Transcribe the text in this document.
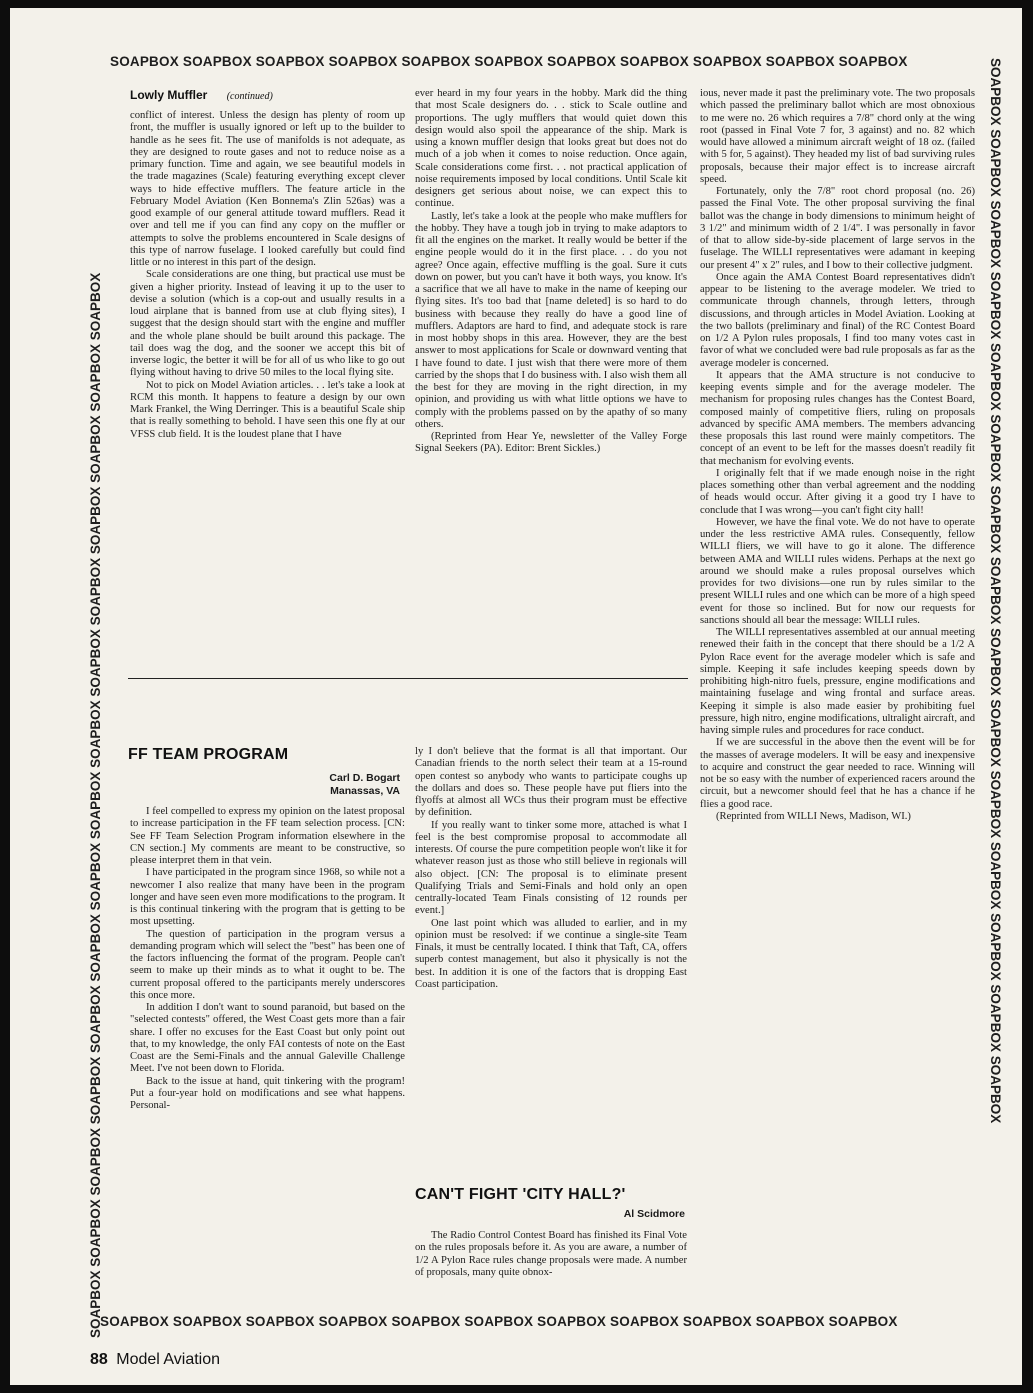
SOAPBOX SOAPBOX SOAPBOX SOAPBOX SOAPBOX SOAPBOX SOAPBOX SOAPBOX SOAPBOX SOAPBOX SOAPBOX
SOAPBOX SOAPBOX SOAPBOX SOAPBOX SOAPBOX SOAPBOX SOAPBOX SOAPBOX SOAPBOX SOAPBOX SOAPBOX SOAPBOX SOAPBOX SOAPBOX SOAPBOX	SOAPBOX SOAPBOX SOAPBOX SOAPBOX SOAPBOX SOAPBOX SOAPBOX SOAPBOX SOAPBOX SOAPBOX SOAPBOX SOAPBOX SOAPBOX SOAPBOX SOAPBOX
SOAPBOX SOAPBOX SOAPBOX SOAPBOX SOAPBOX SOAPBOX SOAPBOX SOAPBOX SOAPBOX SOAPBOX SOAPBOX
Lowly Muffler (continued)

conflict of interest. Unless the design has plenty of room up front, the muffler is usually ignored or left up to the builder to handle as he sees fit. The use of manifolds is not adequate, as they are designed to route gases and not to reduce noise as a primary function. Time and again, we see beautiful models in the trade magazines (Scale) featuring everything except clever ways to hide effective mufflers. The feature article in the February Model Aviation (Ken Bonnema's Zlin 526as) was a good example of our general attitude toward mufflers. Read it over and tell me if you can find any copy on the muffler or attempts to solve the problems encountered in Scale designs of this type of narrow fuselage. I looked carefully but could find little or no interest in this part of the design.

Scale considerations are one thing, but practical use must be given a higher priority. Instead of leaving it up to the user to devise a solution (which is a cop-out and usually results in a loud airplane that is banned from use at club flying sites), I suggest that the design should start with the engine and muffler and the whole plane should be built around this package. The tail does wag the dog, and the sooner we accept this bit of inverse logic, the better it will be for all of us who like to go out flying without having to drive 50 miles to the local flying site.

Not to pick on Model Aviation articles. . . let's take a look at RCM this month. It happens to feature a design by our own Mark Frankel, the Wing Derringer. This is a beautiful Scale ship that is really something to behold. I have seen this one fly at our VFSS club field. It is the loudest plane that I have

ever heard in my four years in the hobby. Mark did the thing that most Scale designers do. . . stick to Scale outline and proportions. The ugly mufflers that would quiet down this design would also spoil the appearance of the ship. Mark is using a known muffler design that looks great but does not do much of a job when it comes to noise reduction. Once again, Scale considerations come first. . . not practical application of noise requirements imposed by local conditions. Until Scale kit designers get serious about noise, we can expect this to continue.

Lastly, let's take a look at the people who make mufflers for the hobby. They have a tough job in trying to make adaptors to fit all the engines on the market. It really would be better if the engine people would do it in the first place. . . do you not agree? Once again, effective muffling is the goal. Sure it cuts down on power, but you can't have it both ways, you know. It's a sacrifice that we all have to make in the name of keeping our flying sites. It's too bad that [name deleted] is so hard to do business with because they really do have a good line of mufflers. Adaptors are hard to find, and adequate stock is rare in most hobby shops in this area. However, they are the best answer to most applications for Scale or downward venting that I have found to date. I just wish that there were more of them carried by the shops that I do business with. I also wish them all the best for they are moving in the right direction, in my opinion, and providing us with what little options we have to comply with the problems passed on by the apathy of so many others.

(Reprinted from Hear Ye, newsletter of the Valley Forge Signal Seekers (PA). Editor: Brent Sickles.)

FF TEAM PROGRAM
Carl D. Bogart
Manassas, VA

I feel compelled to express my opinion on the latest proposal to increase participation in the FF team selection process. [CN: See FF Team Selection Program information elsewhere in the CN section.] My comments are meant to be constructive, so please interpret them in that vein.

I have participated in the program since 1968, so while not a newcomer I also realize that many have been in the program longer and have seen even more modifications to the program. It is this continual tinkering with the program that is getting to be most upsetting.

The question of participation in the program versus a demanding program which will select the "best" has been one of the factors influencing the format of the program. People can't seem to make up their minds as to what it ought to be. The current proposal offered to the participants merely underscores this once more.

In addition I don't want to sound paranoid, but based on the "selected contests" offered, the West Coast gets more than a fair share. I offer no excuses for the East Coast but only point out that, to my knowledge, the only FAI contests of note on the East Coast are the Semi-Finals and the annual Galeville Challenge Meet. I've not been down to Florida.

Back to the issue at hand, quit tinkering with the program! Put a four-year hold on modifications and see what happens. Personal-

ly I don't believe that the format is all that important. Our Canadian friends to the north select their team at a 15-round open contest so anybody who wants to participate coughs up the dollars and does so. These people have put fliers into the flyoffs at almost all WCs thus their program must be effective by definition.

If you really want to tinker some more, attached is what I feel is the best compromise proposal to accommodate all interests. Of course the pure competition people won't like it for whatever reason just as those who still believe in regionals will also object. [CN: The proposal is to eliminate present Qualifying Trials and Semi-Finals and hold only an open centrally-located Team Finals consisting of 12 rounds per event.]

One last point which was alluded to earlier, and in my opinion must be resolved: if we continue a single-site Team Finals, it must be centrally located. I think that Taft, CA, offers superb contest management, but also it physically is not the best. In addition it is one of the factors that is dropping East Coast participation.

CAN'T FIGHT 'CITY HALL?'
Al Scidmore

The Radio Control Contest Board has finished its Final Vote on the rules proposals before it. As you are aware, a number of 1/2 A Pylon Race rules change proposals were made. A number of proposals, many quite obnox-

ious, never made it past the preliminary vote. The two proposals which passed the preliminary ballot which are most obnoxious to me were no. 26 which requires a 7/8" chord only at the wing root (passed in Final Vote 7 for, 3 against) and no. 82 which would have allowed a minimum aircraft weight of 18 oz. (failed with 5 for, 5 against). They headed my list of bad surviving rules proposals, because their major effect is to increase aircraft speed.

Fortunately, only the 7/8" root chord proposal (no. 26) passed the Final Vote. The other proposal surviving the final ballot was the change in body dimensions to minimum height of 3 1/2" and minimum width of 2 1/4". I was personally in favor of that to allow side-by-side placement of large servos in the fuselage. The WILLI representatives were adamant in keeping our present 4" x 2" rules, and I bow to their collective judgment.

Once again the AMA Contest Board representatives didn't appear to be listening to the average modeler. We tried to communicate through channels, through letters, through discussions, and through articles in Model Aviation. Looking at the two ballots (preliminary and final) of the RC Contest Board on 1/2 A Pylon rules proposals, I find too many votes cast in favor of what we concluded were bad rule proposals as far as the average modeler is concerned.

It appears that the AMA structure is not conducive to keeping events simple and for the average modeler. The mechanism for proposing rules changes has the Contest Board, composed mainly of competitive fliers, ruling on proposals advanced by specific AMA members. The members advancing these proposals this last round were mainly competitors. The concept of an event to be left for the masses doesn't readily fit that mechanism for evolving events.

I originally felt that if we made enough noise in the right places something other than verbal agreement and the nodding of heads would occur. After giving it a good try I have to conclude that I was wrong—you can't fight city hall!

However, we have the final vote. We do not have to operate under the less restrictive AMA rules. Consequently, fellow WILLI fliers, we will have to go it alone. The difference between AMA and WILLI rules widens. Perhaps at the next go around we should make a rules proposal ourselves which provides for two divisions—one run by rules similar to the present WILLI rules and one which can be more of a high speed event for those so inclined. But for now our requests for sanctions should all bear the message: WILLI rules.

The WILLI representatives assembled at our annual meeting renewed their faith in the concept that there should be a 1/2 A Pylon Race event for the average modeler which is safe and simple. Keeping it safe includes keeping speeds down by prohibiting high-nitro fuels, pressure, engine modifications and maintaining fuselage and wing frontal and surface areas. Keeping it simple is also made easier by prohibiting fuel pressure, high nitro, engine modifications, ultralight aircraft, and having simple rules and procedures for race conduct.

If we are successful in the above then the event will be for the masses of average modelers. It will be easy and inexpensive to acquire and construct the gear needed to race. Winning will not be so easy with the number of experienced racers around the circuit, but a newcomer should feel that he has a chance if he flies a good race.

(Reprinted from WILLI News, Madison, WI.)

88 Model Aviation
